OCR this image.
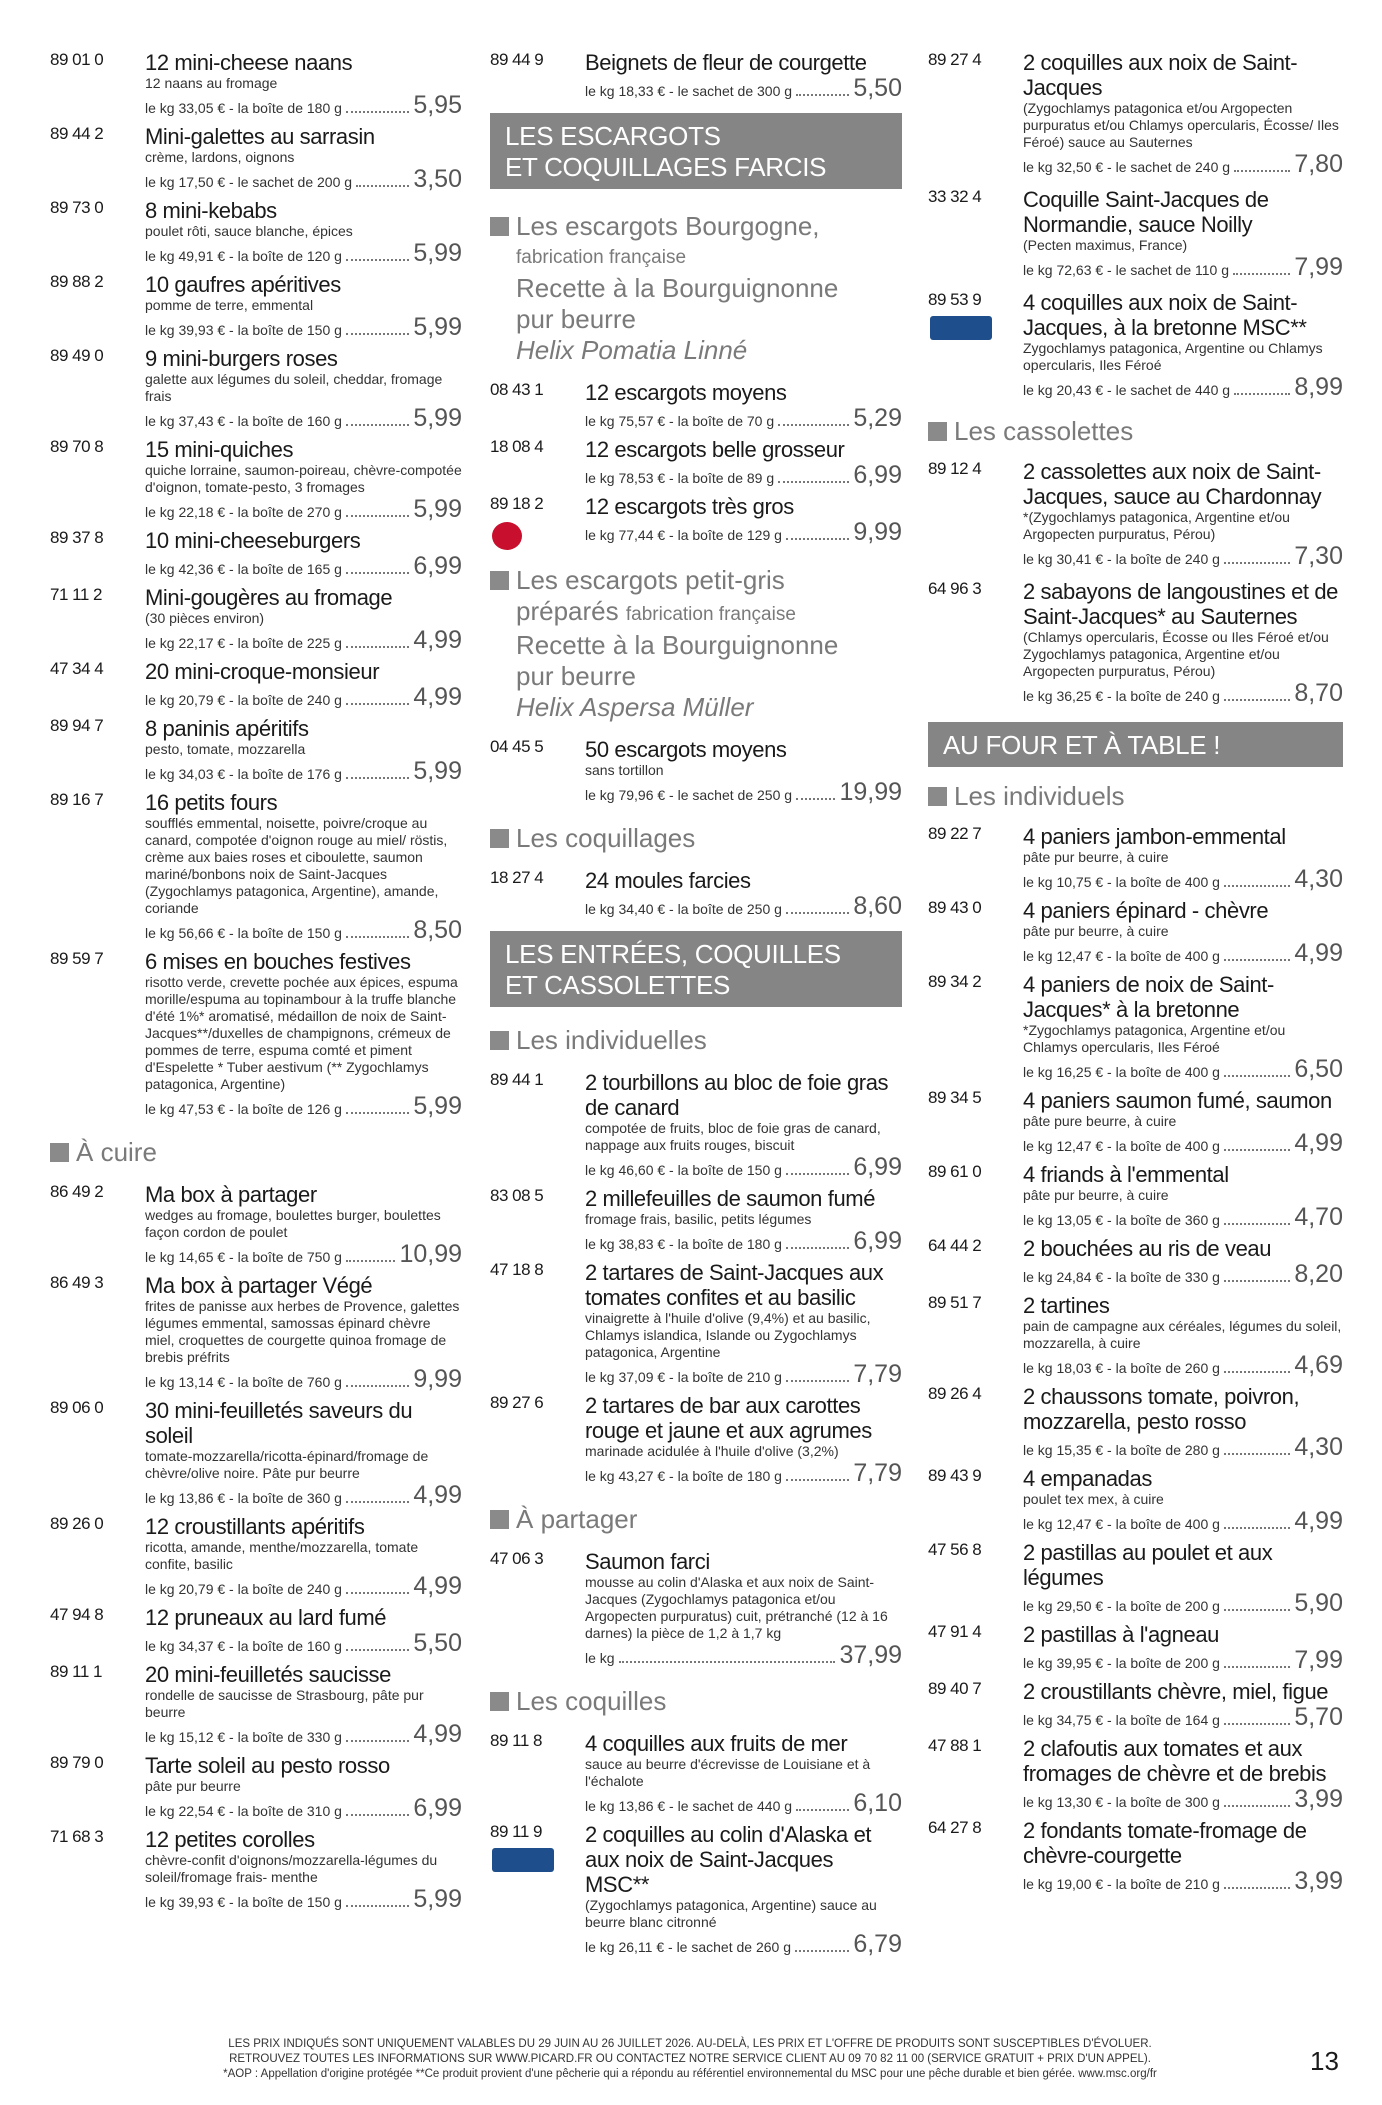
89 01 0 12 mini-cheese naans
12 naans au fromage
le kg 33,05 € - la boîte de 180 g	5,95
89 44 2 Mini-galettes au sarrasin
crème, lardons, oignons
le kg 17,50 € - le sachet de 200 g 3,50
89 73 0 8 mini-kebabs
poulet rôti, sauce blanche, épices
le kg 49,91 € - la boîte de 120 g	5,99
89 88 2 10 gaufres apéritives
pomme de terre, emmental
le kg 39,93 € - la boîte de 150 g	5,99
89 49 0 9 mini-burgers roses
galette aux légumes du soleil, cheddar, fromage frais
le kg 37,43 € - la boîte de 160 g	5,99
89 70 8 15 mini-quiches
quiche lorraine, saumon-poireau, chèvre-compotée d'oignon, tomate-pesto, 3 fromages
le kg 22,18 € - la boîte de 270 g	5,99
89 37 8 10 mini-cheeseburgers
le kg 42,36 € - la boîte de 165 g	6,99
71 11 2 Mini-gougères au fromage
(30 pièces environ)
le kg 22,17 € - la boîte de 225 g	4,99
47 34 4 20 mini-croque-monsieur
le kg 20,79 € - la boîte de 240 g	4,99
89 94 7 8 paninis apéritifs
pesto, tomate, mozzarella
le kg 34,03 € - la boîte de 176 g	5,99
89 16 7 16 petits fours
soufflés emmental, noisette, poivre/croque au canard, compotée d'oignon rouge au miel/ röstis, crème aux baies roses et ciboulette, saumon mariné/bonbons noix de Saint-Jacques (Zygochlamys patagonica, Argentine), amande, coriande
le kg 56,66 € - la boîte de 150 g	8,50
89 59 7 6 mises en bouches festives
risotto verde, crevette pochée aux épices, espuma morille/espuma au topinambour à la truffe blanche d'été 1%* aromatisé, médaillon de noix de Saint-Jacques**/duxelles de champignons, crémeux de pommes de terre, espuma comté et piment d'Espelette * Tuber aestivum (** Zygochlamys patagonica, Argentine)
le kg 47,53 € - la boîte de 126 g	5,99
À cuire
86 49 2 Ma box à partager
wedges au fromage, boulettes burger, boulettes façon cordon de poulet
le kg 14,65 € - la boîte de 750 g 10,99
86 49 3 Ma box à partager Végé
frites de panisse aux herbes de Provence, galettes légumes emmental, samossas épinard chèvre miel, croquettes de courgette quinoa fromage de brebis préfrits
le kg 13,14 € - la boîte de 760 g	9,99
89 06 0 30 mini-feuilletés saveurs du soleil
tomate-mozzarella/ricotta-épinard/fromage de chèvre/olive noire. Pâte pur beurre
le kg 13,86 € - la boîte de 360 g	4,99
89 26 0 12 croustillants apéritifs
ricotta, amande, menthe/mozzarella, tomate confite, basilic
le kg 20,79 € - la boîte de 240 g	4,99
47 94 8 12 pruneaux au lard fumé
le kg 34,37 € - la boîte de 160 g	5,50
89 11 1 20 mini-feuilletés saucisse
rondelle de saucisse de Strasbourg, pâte pur beurre
le kg 15,12 € - la boîte de 330 g	4,99
89 79 0 Tarte soleil au pesto rosso
pâte pur beurre
le kg 22,54 € - la boîte de 310 g	6,99
71 68 3 12 petites corolles
chèvre-confit d'oignons/mozzarella-légumes du soleil/fromage frais- menthe
le kg 39,93 € - la boîte de 150 g	5,99
89 44 9 Beignets de fleur de courgette
le kg 18,33 € - le sachet de 300 g 5,50
LES ESCARGOTS
ET COQUILLAGES FARCIS
Les escargots Bourgogne,
fabrication française
Recette à la Bourguignonne
pur beurre
Helix Pomatia Linné
08 43 1 12 escargots moyens
le kg 75,57 € - la boîte de 70 g	5,29
18 08 4 12 escargots belle grosseur
le kg 78,53 € - la boîte de 89 g	6,99
89 18 2 12 escargots très gros
le kg 77,44 € - la boîte de 129 g	9,99
Les escargots petit-gris
préparés fabrication française
Recette à la Bourguignonne
pur beurre
Helix Aspersa Müller
04 45 5 50 escargots moyens
sans tortillon
le kg 79,96 € - le sachet de 250 g 19,99
Les coquillages
18 27 4 24 moules farcies
le kg 34,40 € - la boîte de 250 g	8,60
LES ENTRÉES, COQUILLES
ET CASSOLETTES
Les individuelles
89 44 1 2 tourbillons au bloc de foie gras de canard
compotée de fruits, bloc de foie gras de canard, nappage aux fruits rouges, biscuit
le kg 46,60 € - la boîte de 150 g	6,99
83 08 5 2 millefeuilles de saumon fumé
fromage frais, basilic, petits légumes
le kg 38,83 € - la boîte de 180 g	6,99
47 18 8 2 tartares de Saint-Jacques aux tomates confites et au basilic
vinaigrette à l'huile d'olive (9,4%) et au basilic, Chlamys islandica, Islande ou Zygochlamys patagonica, Argentine
le kg 37,09 € - la boîte de 210 g	7,79
89 27 6 2 tartares de bar aux carottes rouge et jaune et aux agrumes
marinade acidulée à l'huile d'olive (3,2%)
le kg 43,27 € - la boîte de 180 g	7,79
À partager
47 06 3 Saumon farci
mousse au colin d'Alaska et aux noix de Saint-Jacques (Zygochlamys patagonica et/ou Argopecten purpuratus) cuit, prétranché (12 à 16 darnes) la pièce de 1,2 à 1,7 kg
le kg	37,99
Les coquilles
89 11 8 4 coquilles aux fruits de mer
sauce au beurre d'écrevisse de Louisiane et à l'échalote
le kg 13,86 € - le sachet de 440 g 6,10
89 11 9 2 coquilles au colin d'Alaska et aux noix de Saint-Jacques MSC**
(Zygochlamys patagonica, Argentine) sauce au beurre blanc citronné
le kg 26,11 € - le sachet de 260 g 6,79
89 27 4 2 coquilles aux noix de Saint-Jacques
(Zygochlamys patagonica et/ou Argopecten purpuratus et/ou Chlamys opercularis, Écosse/ Iles Féroé) sauce au Sauternes
le kg 32,50 € - le sachet de 240 g	7,80
33 32 4 Coquille Saint-Jacques de Normandie, sauce Noilly
(Pecten maximus, France)
le kg 72,63 € - le sachet de 110 g	7,99
89 53 9 4 coquilles aux noix de Saint-Jacques, à la bretonne MSC**
Zygochlamys patagonica, Argentine ou Chlamys opercularis, Iles Féroé
le kg 20,43 € - le sachet de 440 g	8,99
Les cassolettes
89 12 4 2 cassolettes aux noix de Saint-Jacques, sauce au Chardonnay
*(Zygochlamys patagonica, Argentine et/ou Argopecten purpuratus, Pérou)
le kg 30,41 € - la boîte de 240 g	7,30
64 96 3 2 sabayons de langoustines et de Saint-Jacques* au Sauternes
(Chlamys opercularis, Écosse ou Iles Féroé et/ou Zygochlamys patagonica, Argentine et/ou Argopecten purpuratus, Pérou)
le kg 36,25 € - la boîte de 240 g	8,70
AU FOUR ET À TABLE !
Les individuels
89 22 7 4 paniers jambon-emmental
pâte pur beurre, à cuire
le kg 10,75 € - la boîte de 400 g	4,30
89 43 0 4 paniers épinard - chèvre
pâte pur beurre, à cuire
le kg 12,47 € - la boîte de 400 g	4,99
89 34 2 4 paniers de noix de Saint-Jacques* à la bretonne
*Zygochlamys patagonica, Argentine et/ou Chlamys opercularis, Iles Féroé
le kg 16,25 € - la boîte de 400 g	6,50
89 34 5 4 paniers saumon fumé, saumon
pâte pure beurre, à cuire
le kg 12,47 € - la boîte de 400 g	4,99
89 61 0 4 friands à l'emmental
pâte pur beurre, à cuire
le kg 13,05 € - la boîte de 360 g	4,70
64 44 2 2 bouchées au ris de veau
le kg 24,84 € - la boîte de 330 g	8,20
89 51 7 2 tartines
pain de campagne aux céréales, légumes du soleil, mozzarella, à cuire
le kg 18,03 € - la boîte de 260 g	4,69
89 26 4 2 chaussons tomate, poivron, mozzarella, pesto rosso
le kg 15,35 € - la boîte de 280 g	4,30
89 43 9 4 empanadas
poulet tex mex, à cuire
le kg 12,47 € - la boîte de 400 g	4,99
47 56 8 2 pastillas au poulet et aux légumes
le kg 29,50 € - la boîte de 200 g	5,90
47 91 4 2 pastillas à l'agneau
le kg 39,95 € - la boîte de 200 g	7,99
89 40 7 2 croustillants chèvre, miel, figue
le kg 34,75 € - la boîte de 164 g	5,70
47 88 1 2 clafoutis aux tomates et aux fromages de chèvre et de brebis
le kg 13,30 € - la boîte de 300 g	3,99
64 27 8 2 fondants tomate-fromage de chèvre-courgette
le kg 19,00 € - la boîte de 210 g	3,99
LES PRIX INDIQUÉS SONT UNIQUEMENT VALABLES DU 29 JUIN AU 26 JUILLET 2026. AU-DELÀ, LES PRIX ET L'OFFRE DE PRODUITS SONT SUSCEPTIBLES D'ÉVOLUER.
RETROUVEZ TOUTES LES INFORMATIONS SUR WWW.PICARD.FR OU CONTACTEZ NOTRE SERVICE CLIENT AU 09 70 82 11 00 (SERVICE GRATUIT + PRIX D'UN APPEL).
*AOP : Appellation d'origine protégée **Ce produit provient d'une pêcherie qui a répondu au référentiel environnemental du MSC pour une pêche durable et bien gérée. www.msc.org/fr	13
